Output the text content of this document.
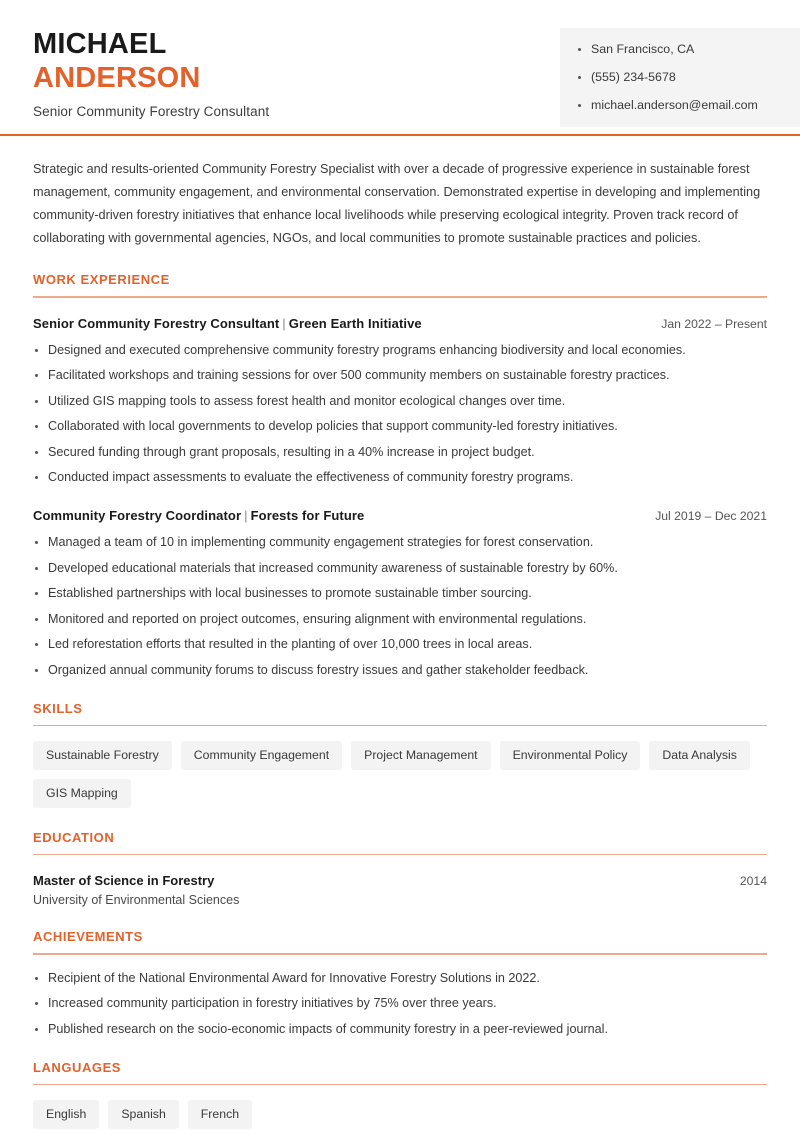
MICHAEL
ANDERSON
Senior Community Forestry Consultant
San Francisco, CA
(555) 234-5678
michael.anderson@email.com

Strategic and results-oriented Community Forestry Specialist with over a decade of progressive experience in sustainable forest management, community engagement, and environmental conservation. Demonstrated expertise in developing and implementing community-driven forestry initiatives that enhance local livelihoods while preserving ecological integrity. Proven track record of collaborating with governmental agencies, NGOs, and local communities to promote sustainable practices and policies.

WORK EXPERIENCE
Senior Community Forestry Consultant | Green Earth Initiative	Jan 2022 – Present
Designed and executed comprehensive community forestry programs enhancing biodiversity and local economies.
Facilitated workshops and training sessions for over 500 community members on sustainable forestry practices.
Utilized GIS mapping tools to assess forest health and monitor ecological changes over time.
Collaborated with local governments to develop policies that support community-led forestry initiatives.
Secured funding through grant proposals, resulting in a 40% increase in project budget.
Conducted impact assessments to evaluate the effectiveness of community forestry programs.
Community Forestry Coordinator | Forests for Future	Jul 2019 – Dec 2021
Managed a team of 10 in implementing community engagement strategies for forest conservation.
Developed educational materials that increased community awareness of sustainable forestry by 60%.
Established partnerships with local businesses to promote sustainable timber sourcing.
Monitored and reported on project outcomes, ensuring alignment with environmental regulations.
Led reforestation efforts that resulted in the planting of over 10,000 trees in local areas.
Organized annual community forums to discuss forestry issues and gather stakeholder feedback.
SKILLS
Sustainable Forestry	Community Engagement	Project Management	Environmental Policy	Data Analysis
GIS Mapping
EDUCATION
Master of Science in Forestry	2014
University of Environmental Sciences
ACHIEVEMENTS
Recipient of the National Environmental Award for Innovative Forestry Solutions in 2022.
Increased community participation in forestry initiatives by 75% over three years.
Published research on the socio-economic impacts of community forestry in a peer-reviewed journal.
LANGUAGES
English	Spanish	French
